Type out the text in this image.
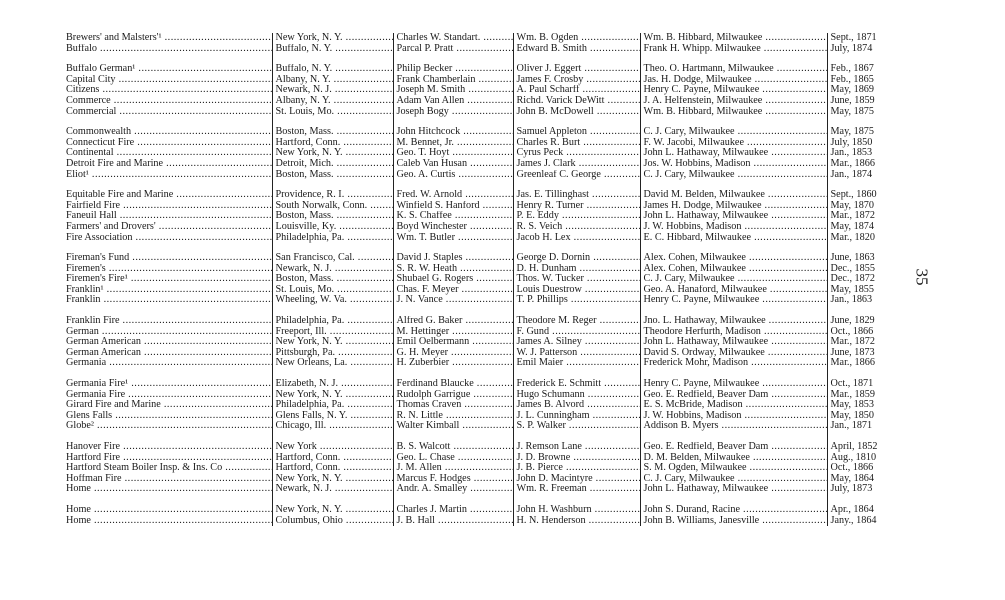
Brewers' and Malsters'¹ .....	New York, N. Y. .....	Charles W. Standart. .....	Wm. B. Ogden .....	Wm. B. Hibbard, Milwaukee .....	Sept., 1871
Buffalo .....	Buffalo, N. Y. .....	Parcal P. Pratt .....	Edward B. Smith .....	Frank H. Whipp. Milwaukee .....	July, 1874

Buffalo German¹ .....	Buffalo, N. Y. .....	Philip Becker .....	Oliver J. Eggert .....	Theo. O. Hartmann, Milwaukee .....	Feb., 1867
Capital City .....	Albany, N. Y. .....	Frank Chamberlain .....	James F. Crosby .....	Jas. H. Dodge, Milwaukee .....	Feb., 1865
Citizens .....	Newark, N. J. .....	Joseph M. Smith .....	A. Paul Scharff .....	Henry C. Payne, Milwaukee .....	May, 1869
Commerce .....	Albany, N. Y. .....	Adam Van Allen .....	Richd. Varick DeWitt .....	J. A. Helfenstein, Milwaukee .....	June, 1859
Commercial .....	St. Louis, Mo. .....	Joseph Bogy .....	John B. McDowell .....	Wm. B. Hibbard, Milwaukee .....	May, 1875

Commonwealth .....	Boston, Mass. .....	John Hitchcock .....	Samuel Appleton .....	C. J. Cary, Milwaukee .....	May, 1875
Connecticut Fire .....	Hartford, Conn. .....	M. Bennet, Jr. .....	Charles R. Burt .....	F. W. Jacobi, Milwaukee .....	July, 1850
Continental .....	New York, N. Y. .....	Geo. T. Hoyt .....	Cyrus Peck .....	John L. Hathaway, Milwaukee .....	Jan., 1853
Detroit Fire and Marine .....	Detroit, Mich. .....	Caleb Van Husan .....	James J. Clark .....	Jos. W. Hobbins, Madison .....	Mar., 1866
Eliot¹ .....	Boston, Mass. .....	Geo. A. Curtis .....	Greenleaf C. George .....	C. J. Cary, Milwaukee .....	Jan., 1874

Equitable Fire and Marine .....	Providence, R. I. .....	Fred. W. Arnold .....	Jas. E. Tillinghast .....	David M. Belden, Milwaukee .....	Sept., 1860
Fairfield Fire .....	South Norwalk, Conn. .....	Winfield S. Hanford .....	Henry R. Turner .....	James H. Dodge, Milwaukee .....	May, 1870
Faneuil Hall .....	Boston, Mass. .....	K. S. Chaffee .....	P. E. Eddy .....	John L. Hathaway, Milwaukee .....	Mar., 1872
Farmers' and Drovers' .....	Louisville, Ky. .....	Boyd Winchester .....	R. S. Veich .....	J. W. Hobbins, Madison .....	May, 1874
Fire Association .....	Philadelphia, Pa. .....	Wm. T. Butler .....	Jacob H. Lex .....	E. C. Hibbard, Milwaukee .....	Mar., 1820

Fireman's Fund .....	San Francisco, Cal. .....	David J. Staples .....	George D. Dornin .....	Alex. Cohen, Milwaukee .....	June, 1863
Firemen's .....	Newark, N. J. .....	S. R. W. Heath .....	D. H. Dunham .....	Alex. Cohen, Milwaukee .....	Dec., 1855
Firemen's Fire¹ .....	Boston, Mass. .....	Shubael G. Rogers .....	Thos. W. Tucker .....	C. J. Cary, Milwaukee .....	Dec., 1872
Franklin¹ .....	St. Louis, Mo. .....	Chas. F. Meyer .....	Louis Duestrow .....	Geo. A. Hanaford, Milwaukee .....	May, 1855
Franklin .....	Wheeling, W. Va. .....	J. N. Vance .....	T. P. Phillips .....	Henry C. Payne, Milwaukee .....	Jan., 1863

Franklin Fire .....	Philadelphia, Pa. .....	Alfred G. Baker .....	Theodore M. Reger .....	Jno. L. Hathaway, Milwaukee .....	June, 1829
German .....	Freeport, Ill. .....	M. Hettinger .....	F. Gund .....	Theodore Herfurth, Madison .....	Oct., 1866
German American .....	New York, N. Y. .....	Emil Oelbermann .....	James A. Silney .....	John L. Hathaway, Milwaukee .....	Mar., 1872
German American .....	Pittsburgh, Pa. .....	G. H. Meyer .....	W. J. Patterson .....	David S. Ordway, Milwaukee .....	June, 1873
Germania .....	New Orleans, La. .....	H. Zuberbier .....	Emil Maier .....	Frederick Mohr, Madison .....	Mar., 1866

Germania Fire¹ .....	Elizabeth, N. J. .....	Ferdinand Blaucke .....	Frederick E. Schmitt .....	Henry C. Payne, Milwaukee .....	Oct., 1871
Germania Fire .....	New York, N. Y. .....	Rudolph Garrigue .....	Hugo Schumann .....	Geo. E. Redfield, Beaver Dam .....	Mar., 1859
Girard Fire and Marine .....	Philadelphia, Pa. .....	Thomas Craven .....	James B. Alvord .....	E. S. McBride, Madison .....	May, 1853
Glens Falls .....	Glens Falls, N. Y. .....	R. N. Little .....	J. L. Cunningham .....	J. W. Hobbins, Madison .....	May, 1850
Globe² .....	Chicago, Ill. .....	Walter Kimball .....	S. P. Walker .....	Addison B. Myers .....	Jan., 1871

Hanover Fire .....	New York .....	B. S. Walcott .....	J. Remson Lane .....	Geo. E. Redfield, Beaver Dam .....	April, 1852
Hartford Fire .....	Hartford, Conn. .....	Geo. L. Chase .....	J. D. Browne .....	D. M. Belden, Milwaukee .....	Aug., 1810
Hartford Steam Boiler Insp. & Ins. Co .....	Hartford, Conn. .....	J. M. Allen .....	J. B. Pierce .....	S. M. Ogden, Milwaukee .....	Oct., 1866
Hoffman Fire .....	New York, N. Y. .....	Marcus F. Hodges .....	John D. Macintyre .....	C. J. Cary, Milwaukee .....	May, 1864
Home .....	Newark, N. J. .....	Andr. A. Smalley .....	Wm. R. Freeman .....	John L. Hathaway, Milwaukee .....	July, 1873

Home .....	New York, N. Y. .....	Charles J. Martin .....	John H. Washburn .....	John S. Durand, Racine .....	Apr., 1864
Home .....	Columbus, Ohio .....	J. B. Hall .....	H. N. Henderson .....	John B. Williams, Janesville .....	Jany., 1864
35
